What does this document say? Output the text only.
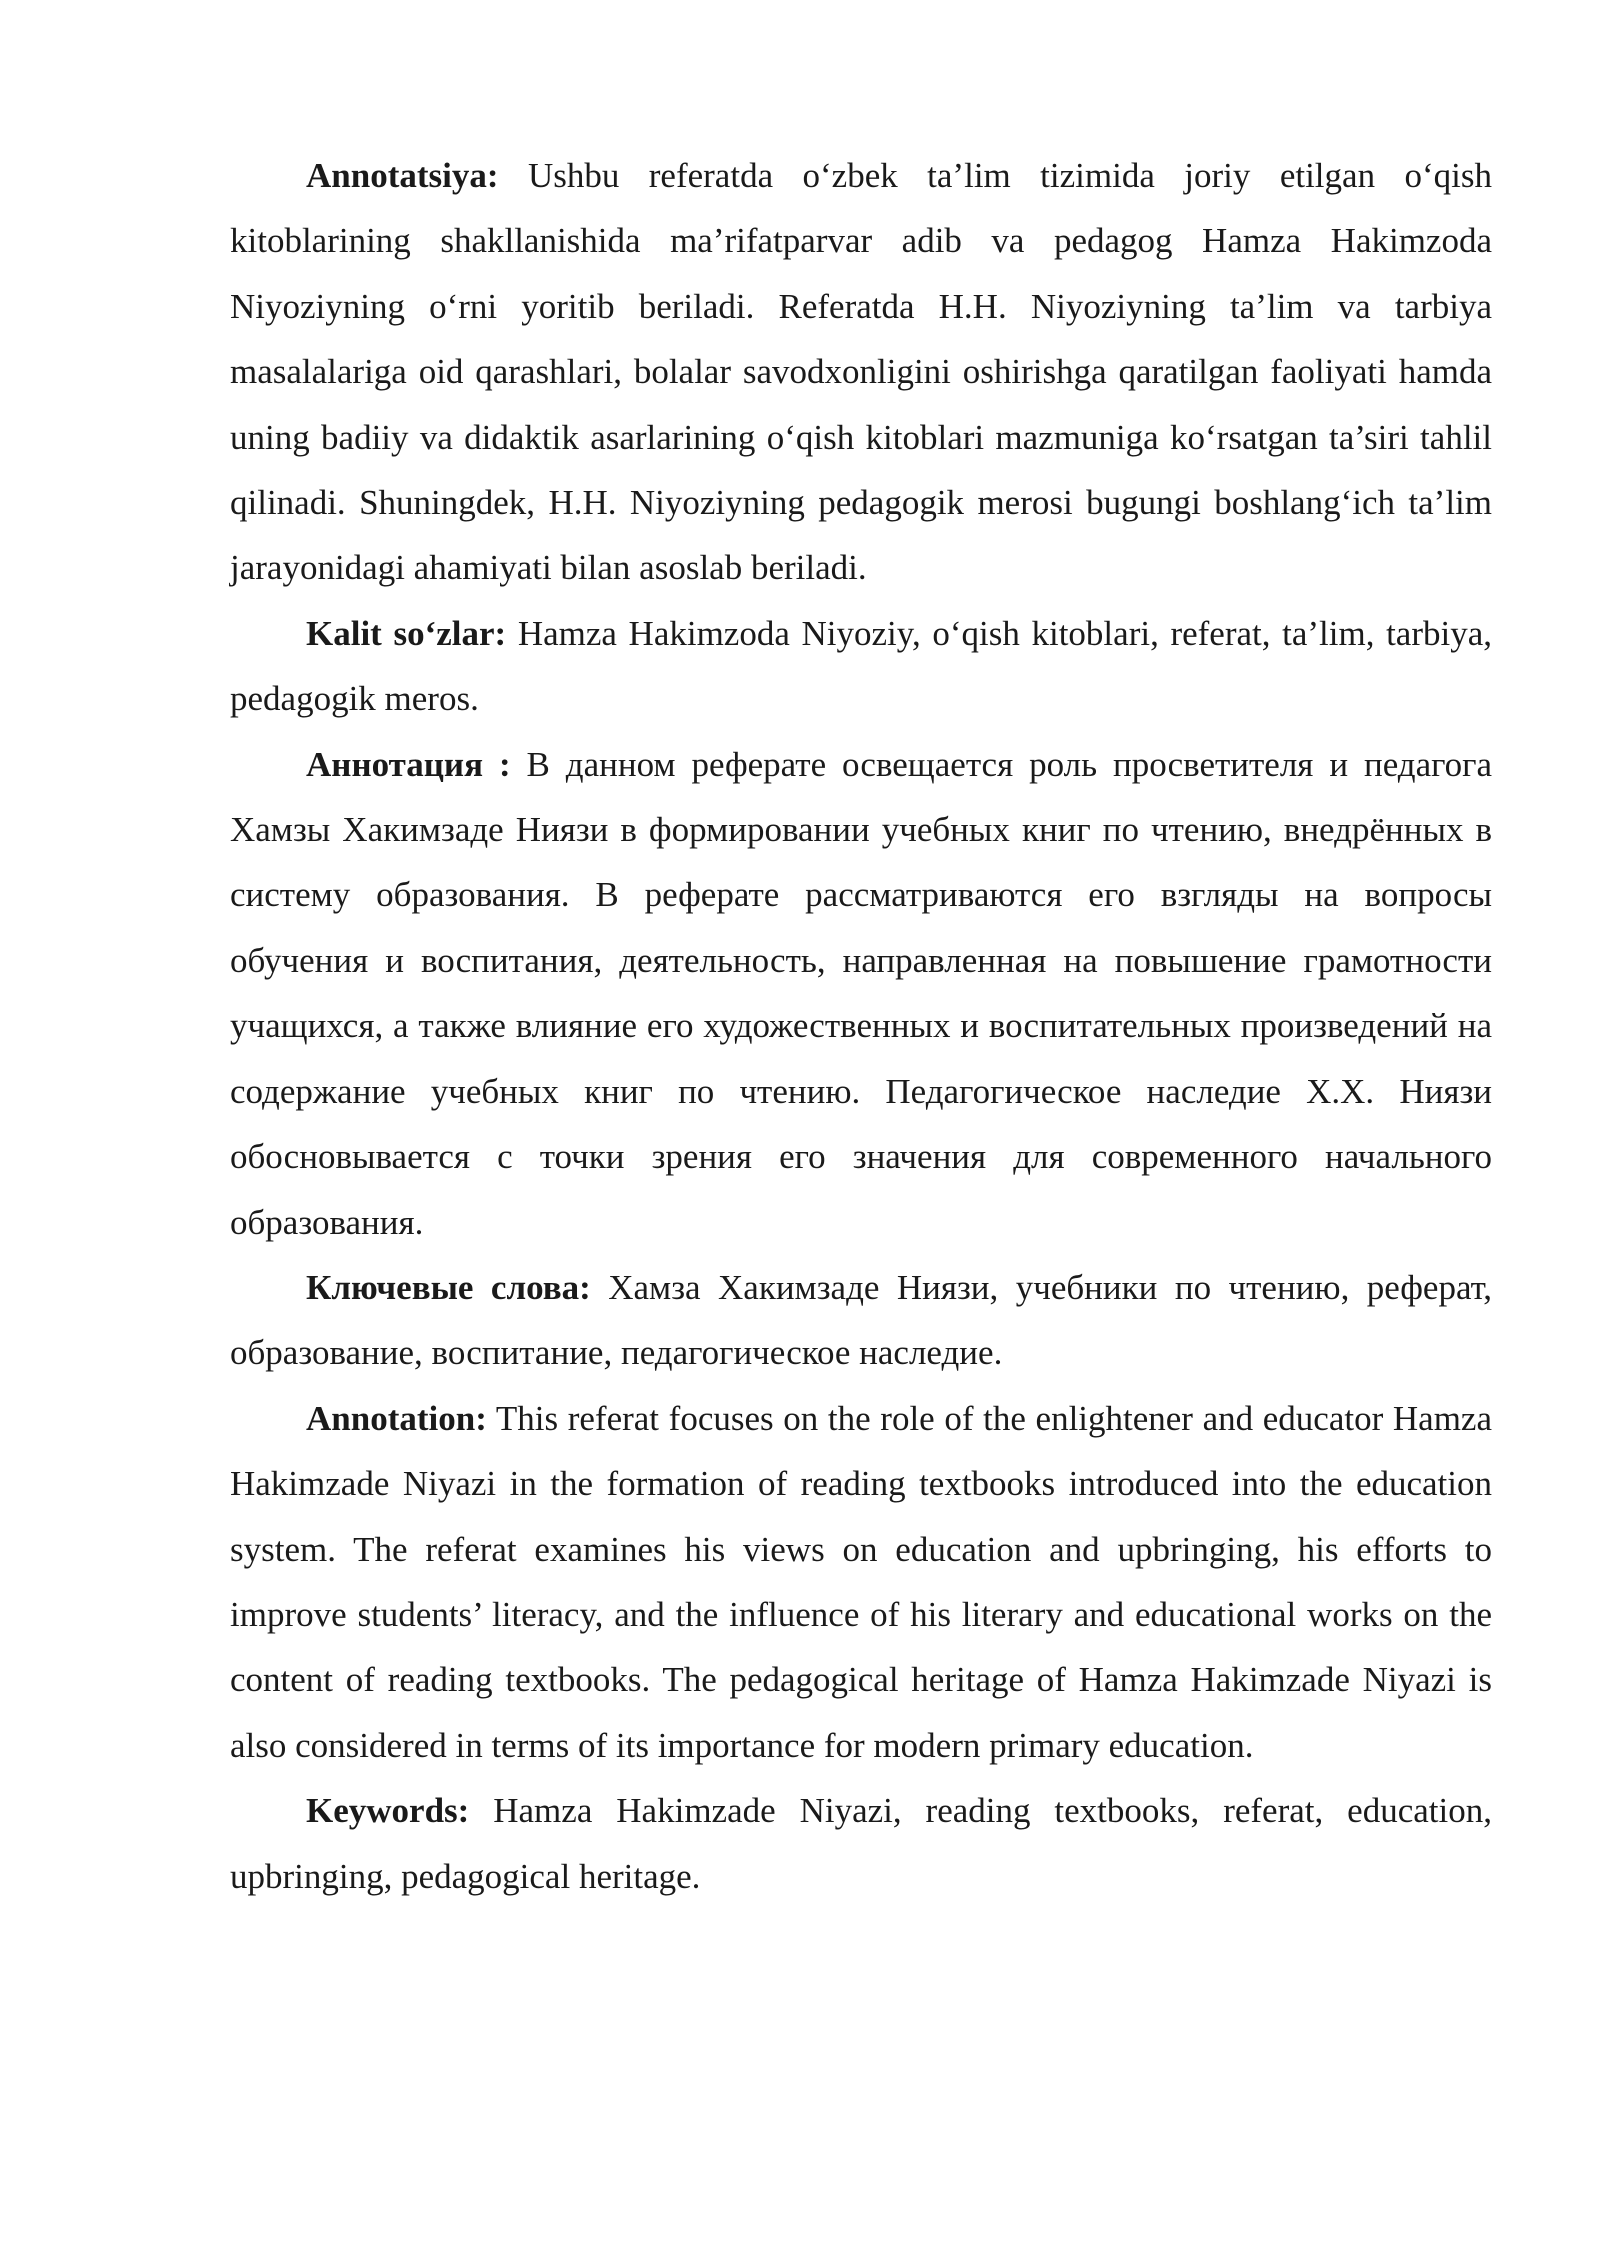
Annotatsiya: Ushbu referatda o‘zbek ta’lim tizimida joriy etilgan o‘qish kitoblarining shakllanishida ma’rifatparvar adib va pedagog Hamza Hakimzoda Niyoziyning o‘rni yoritib beriladi. Referatda H.H. Niyoziyning ta’lim va tarbiya masalalariga oid qarashlari, bolalar savodxonligini oshirishga qaratilgan faoliyati hamda uning badiiy va didaktik asarlarining o‘qish kitoblari mazmuniga ko‘rsatgan ta’siri tahlil qilinadi. Shuningdek, H.H. Niyoziyning pedagogik merosi bugungi boshlang‘ich ta’lim jarayonidagi ahamiyati bilan asoslab beriladi.

Kalit so‘zlar: Hamza Hakimzoda Niyoziy, o‘qish kitoblari, referat, ta’lim, tarbiya, pedagogik meros.

Аннотация : В данном реферате освещается роль просветителя и педагога Хамзы Хакимзаде Ниязи в формировании учебных книг по чтению, внедрённых в систему образования. В реферате рассматриваются его взгляды на вопросы обучения и воспитания, деятельность, направленная на повышение грамотности учащихся, а также влияние его художественных и воспитательных произведений на содержание учебных книг по чтению. Педагогическое наследие Х.Х. Ниязи обосновывается с точки зрения его значения для современного начального образования.

Ключевые слова: Хамза Хакимзаде Ниязи, учебники по чтению, реферат, образование, воспитание, педагогическое наследие.

Annotation: This referat focuses on the role of the enlightener and educator Hamza Hakimzade Niyazi in the formation of reading textbooks introduced into the education system. The referat examines his views on education and upbringing, his efforts to improve students’ literacy, and the influence of his literary and educational works on the content of reading textbooks. The pedagogical heritage of Hamza Hakimzade Niyazi is also considered in terms of its importance for modern primary education.

Keywords: Hamza Hakimzade Niyazi, reading textbooks, referat, education, upbringing, pedagogical heritage.
